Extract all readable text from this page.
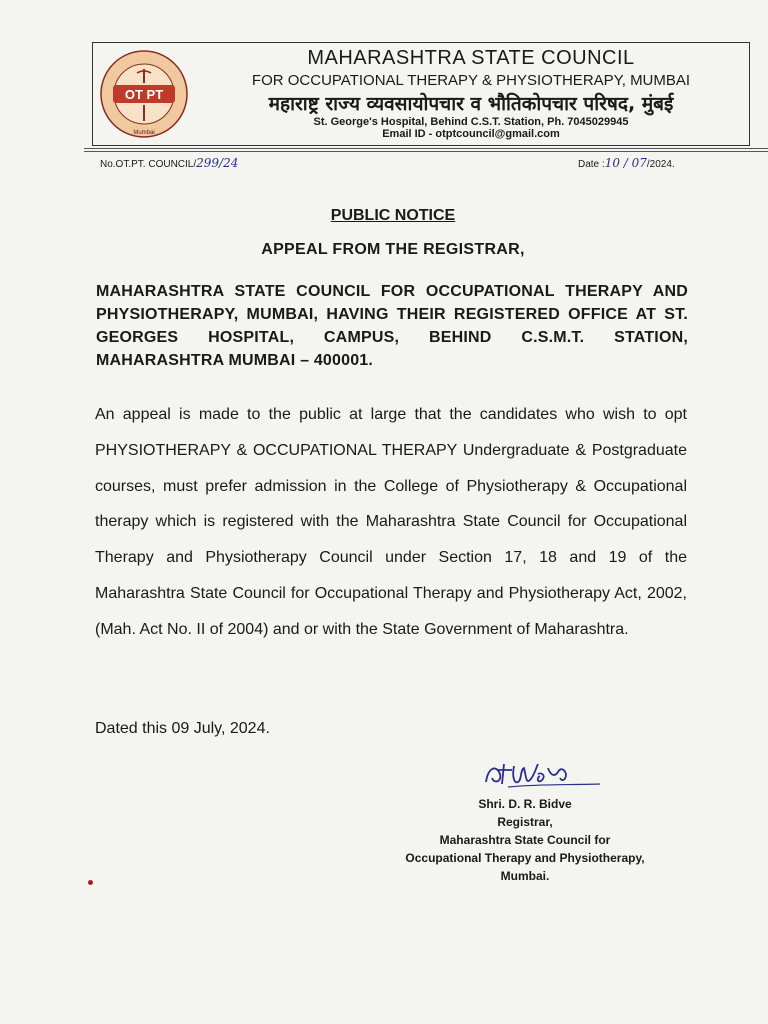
OT PT
Mumbai
MAHARASHTRA STATE COUNCIL
FOR OCCUPATIONAL THERAPY & PHYSIOTHERAPY, MUMBAI
महाराष्ट्र राज्य व्यवसायोपचार व भौतिकोपचार परिषद, मुंबई
St. George's Hospital, Behind C.S.T. Station, Ph. 7045029945
Email ID - otptcouncil@gmail.com
No.OT.PT. COUNCIL/299/24	Date :10 / 07/2024.
PUBLIC NOTICE
APPEAL FROM THE REGISTRAR,
MAHARASHTRA STATE COUNCIL FOR OCCUPATIONAL THERAPY AND PHYSIOTHERAPY, MUMBAI, HAVING THEIR REGISTERED OFFICE AT ST. GEORGES HOSPITAL, CAMPUS, BEHIND C.S.M.T. STATION, MAHARASHTRA MUMBAI – 400001.
An appeal is made to the public at large that the candidates who wish to opt PHYSIOTHERAPY & OCCUPATIONAL THERAPY Undergraduate & Postgraduate courses, must prefer admission in the College of Physiotherapy & Occupational therapy which is registered with the Maharashtra State Council for Occupational Therapy and Physiotherapy Council under Section 17, 18 and 19 of the Maharashtra State Council for Occupational Therapy and Physiotherapy Act, 2002, (Mah. Act No. II of 2004) and or with the State Government of Maharashtra.
Dated this 09 July, 2024.
Shri. D. R. Bidve
Registrar,
Maharashtra State Council for
Occupational Therapy and Physiotherapy,
Mumbai.
